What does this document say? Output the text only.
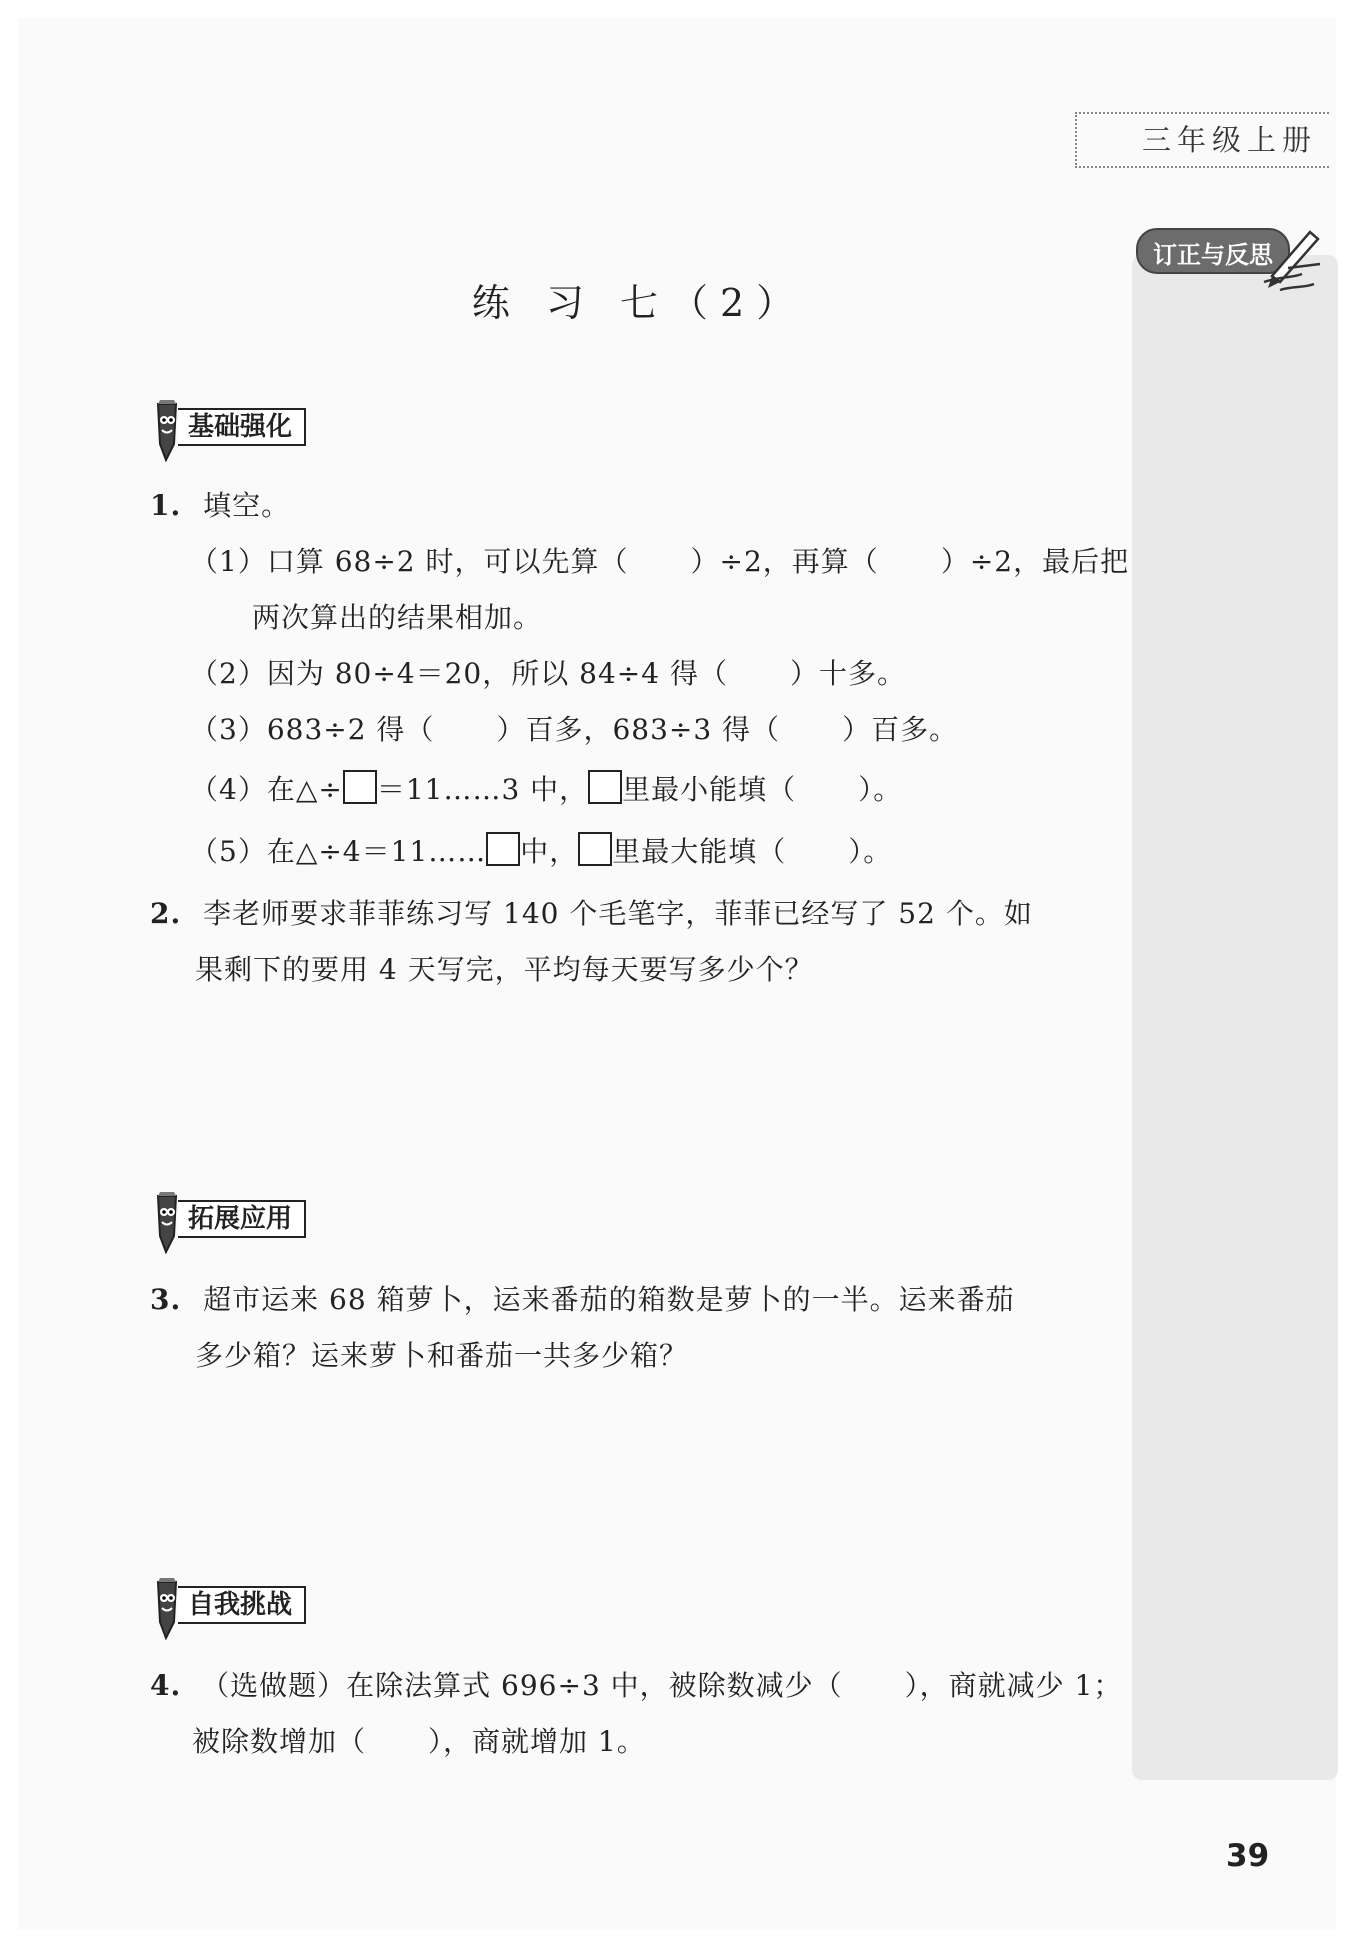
三年级上册
订正与反思
练 习 七（2）
基础强化
1. 填空。
（1）口算 68÷2 时，可以先算（ ）÷2，再算（ ）÷2，最后把
两次算出的结果相加。
（2）因为 80÷4＝20，所以 84÷4 得（ ）十多。
（3）683÷2 得（ ）百多，683÷3 得（ ）百多。
（4）在△÷ ＝11……3 中， 里最小能填（ ）。
（5）在△÷4＝11…… 中， 里最大能填（ ）。
2. 李老师要求菲菲练习写 140 个毛笔字，菲菲已经写了 52 个。如
果剩下的要用 4 天写完，平均每天要写多少个？
拓展应用
3. 超市运来 68 箱萝卜，运来番茄的箱数是萝卜的一半。运来番茄
多少箱？运来萝卜和番茄一共多少箱？
自我挑战
4. （选做题）在除法算式 696÷3 中，被除数减少（ ），商就减少 1；
被除数增加（ ），商就增加 1。
39
